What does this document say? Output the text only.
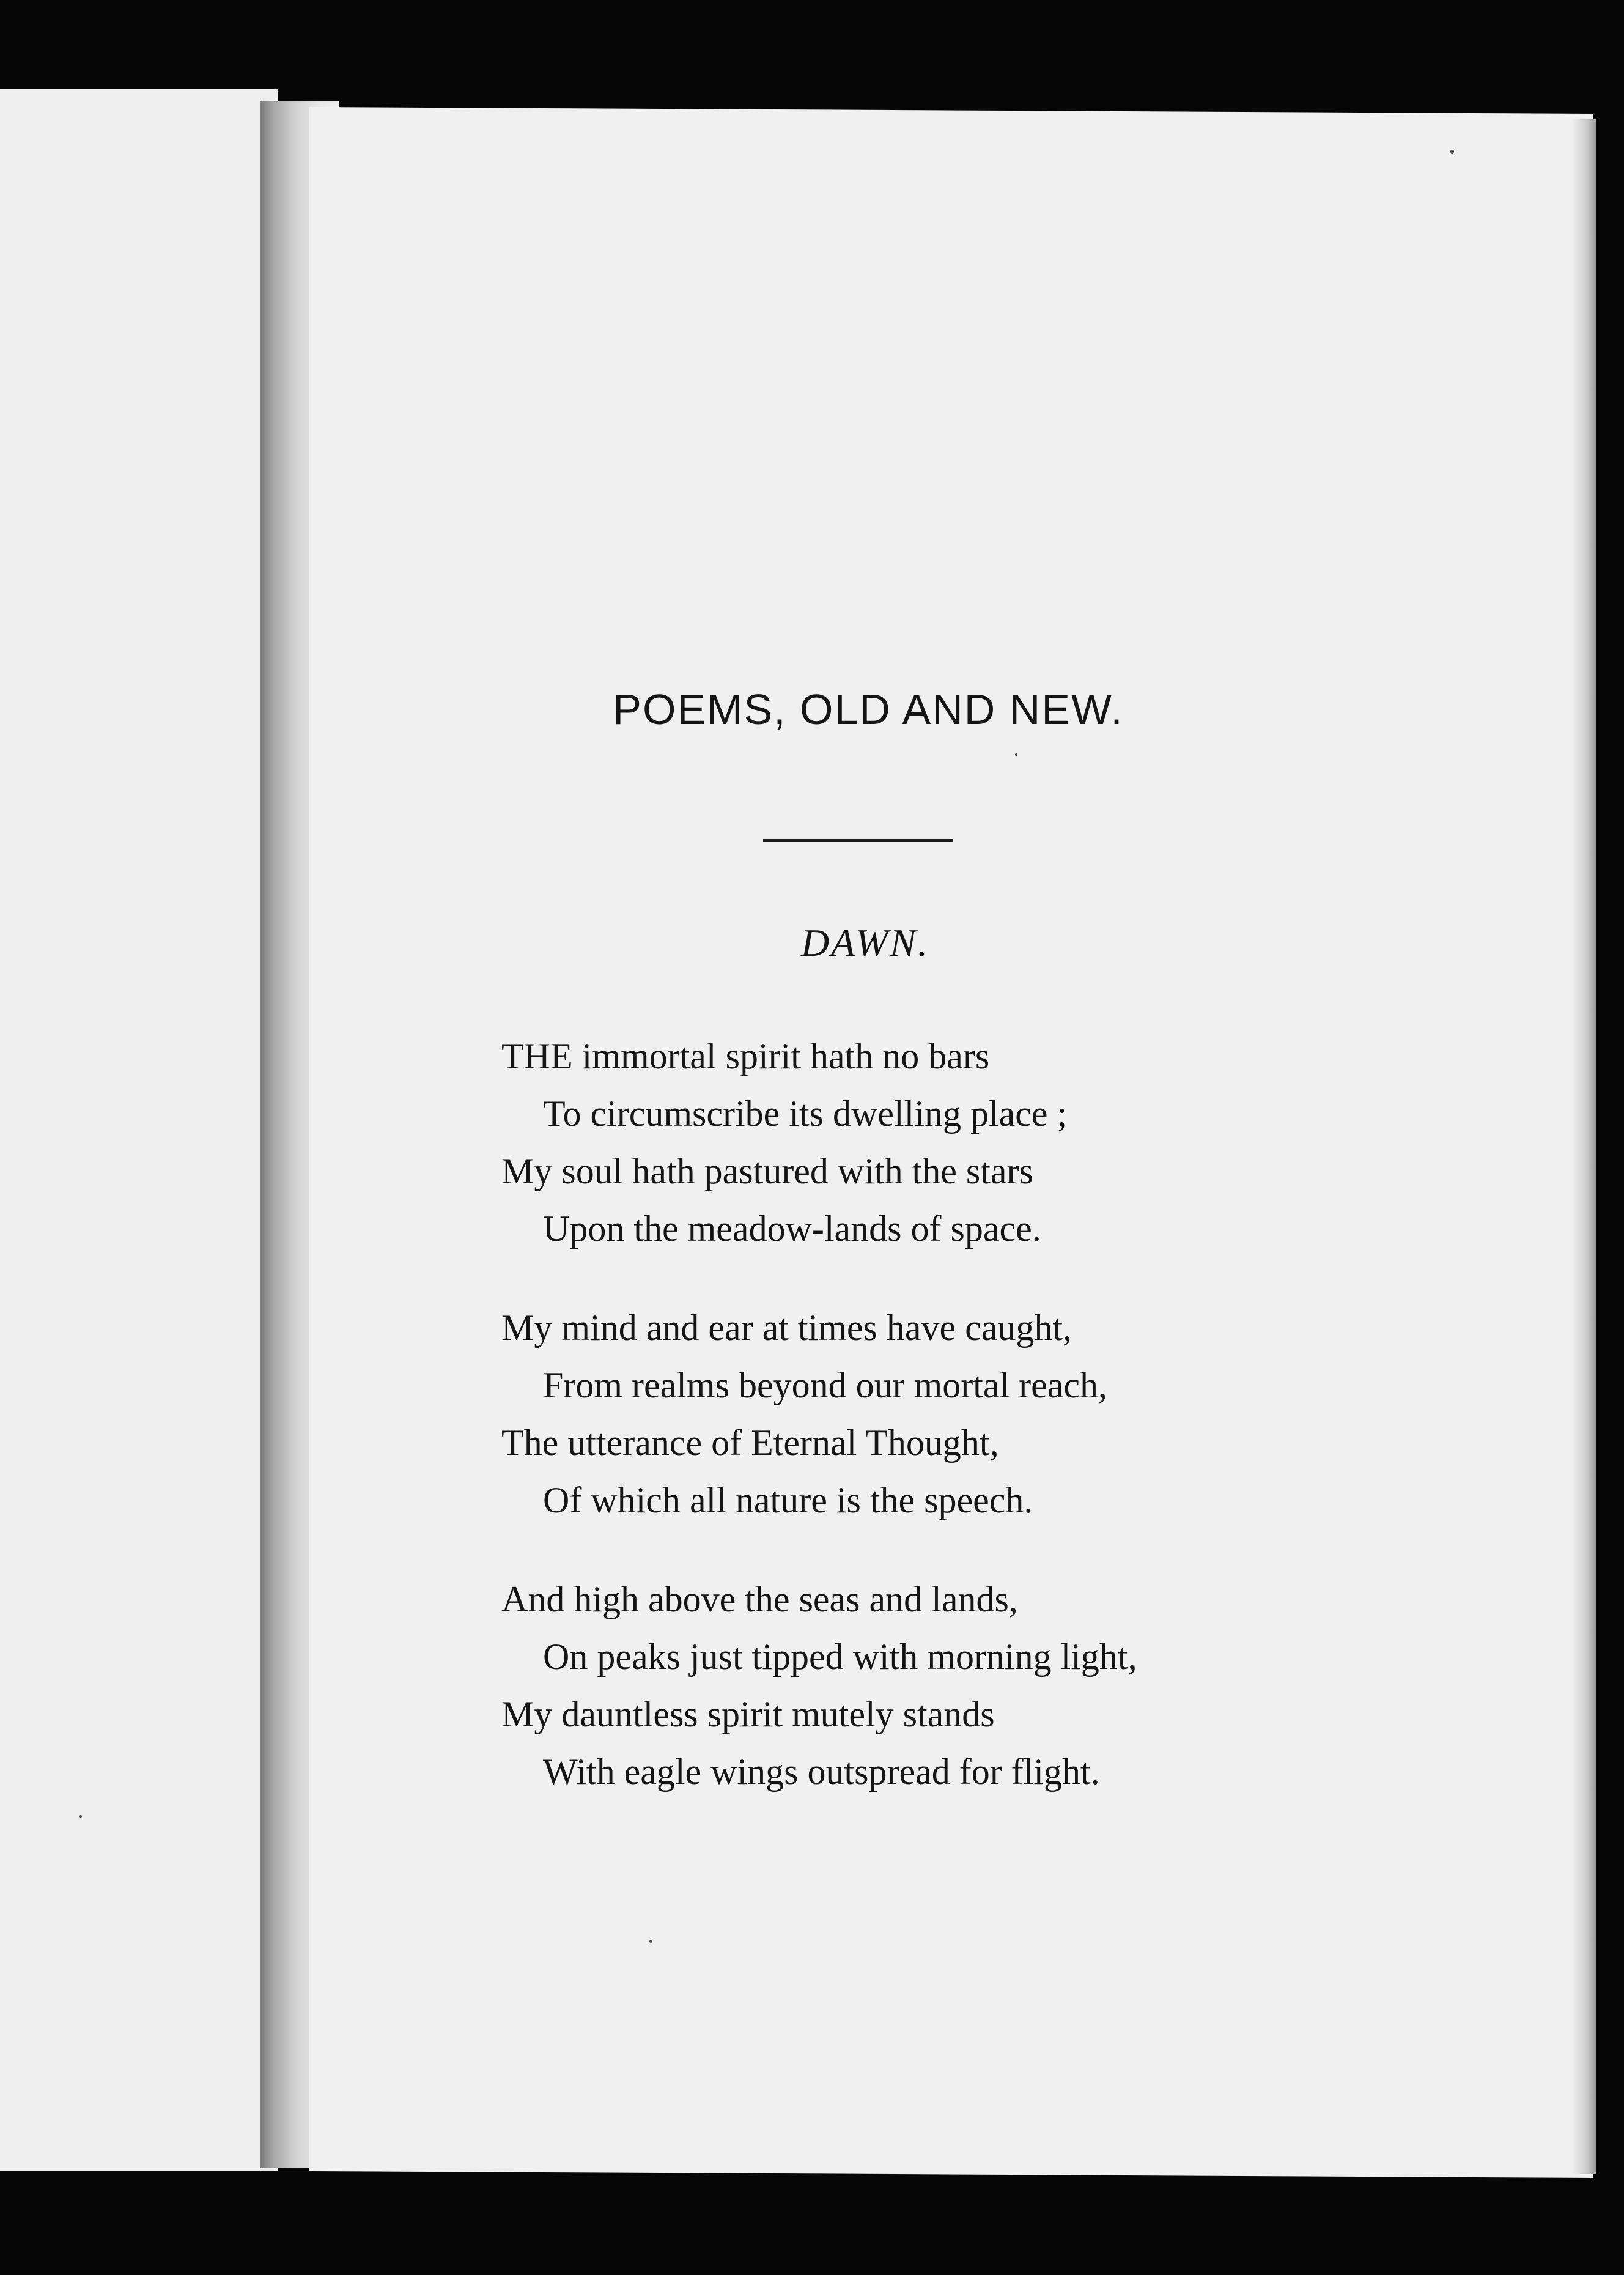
POEMS, OLD AND NEW.
DAWN.
THE immortal spirit hath no bars
To circumscribe its dwelling place ;
My soul hath pastured with the stars
Upon the meadow-lands of space.
My mind and ear at times have caught,
From realms beyond our mortal reach,
The utterance of Eternal Thought,
Of which all nature is the speech.
And high above the seas and lands,
On peaks just tipped with morning light,
My dauntless spirit mutely stands
With eagle wings outspread for flight.
